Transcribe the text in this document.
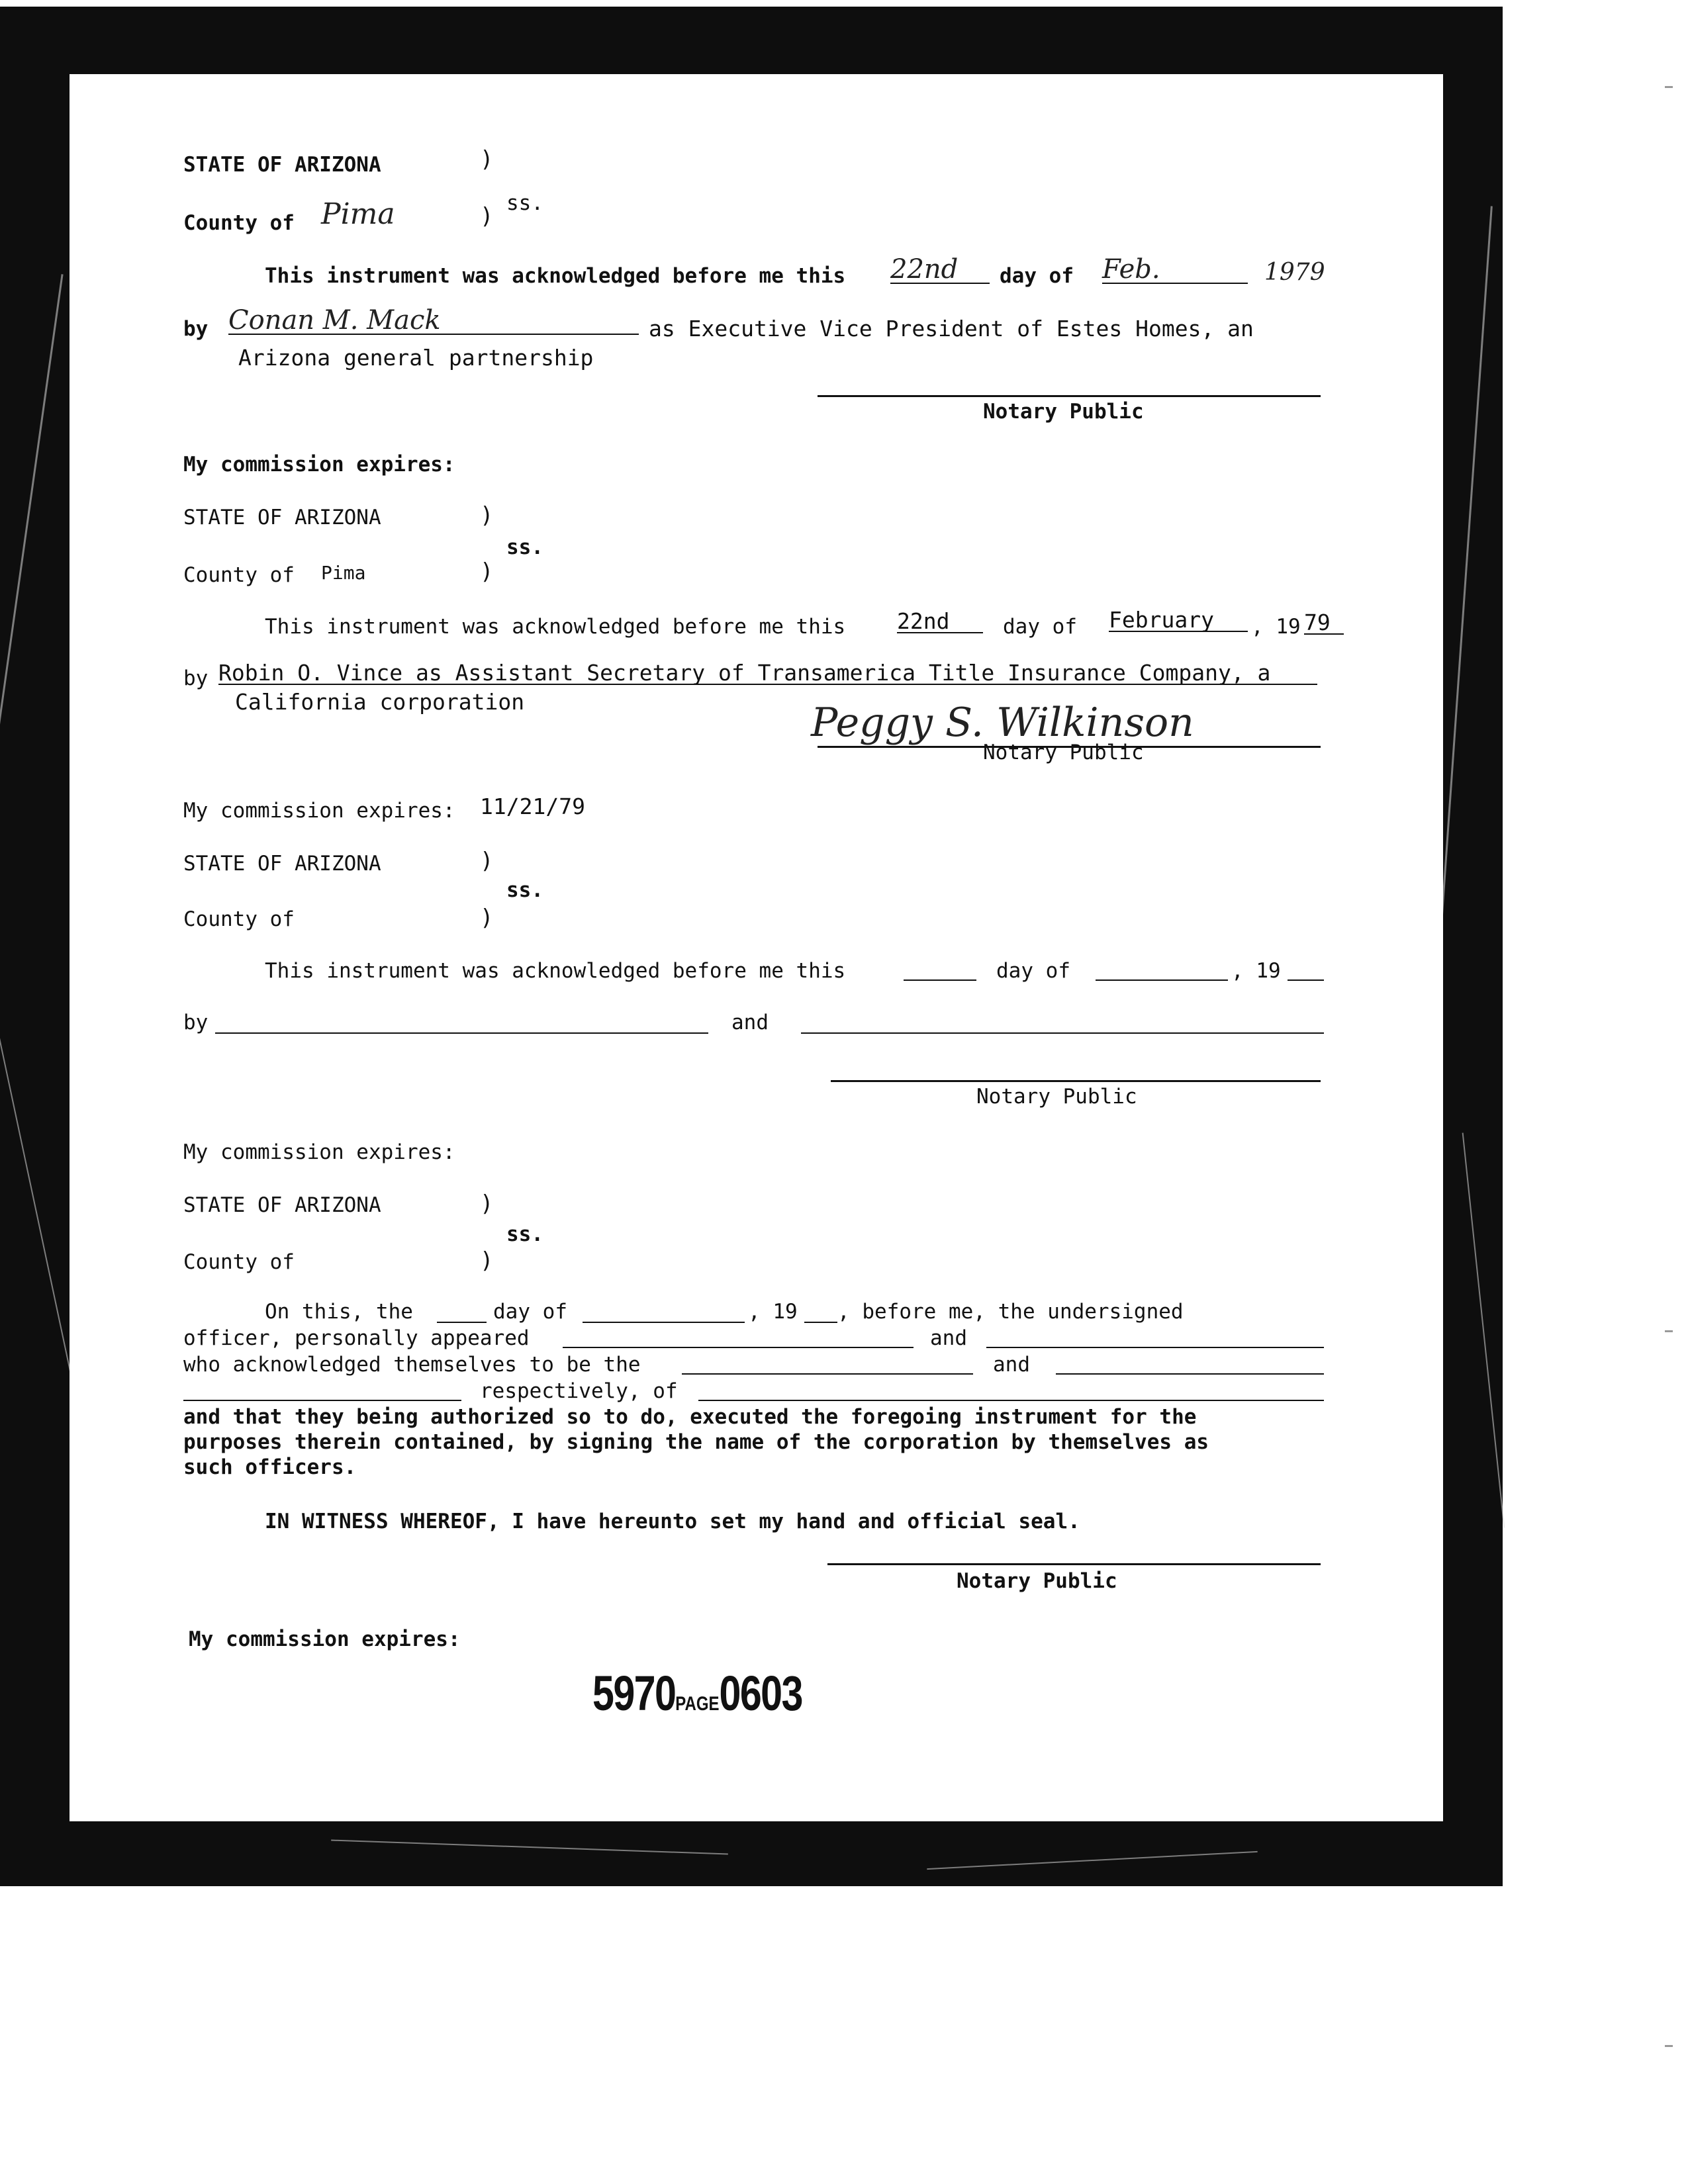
STATE OF ARIZONA	)
) ss.
County of Pima
This instrument was acknowledged before me this 22nd	day of Feb.	1979
by Conan M. Mack	as Executive Vice President of Estes Homes, an
Arizona general partnership
Notary Public
My commission expires:
STATE OF ARIZONA	)
)
ss.
County of Pima
This instrument was acknowledged before me this 22nd	day of February	, 19 79
by Robin O. Vince as Assistant Secretary of Transamerica Title Insurance Company, a
California corporation	Peggy S. Wilkinson
Notary Public
My commission expires: 11/21/79
STATE OF ARIZONA	)
)
ss.
County of
This instrument was acknowledged before me this	day of	, 19
by	and
Notary Public
My commission expires:
STATE OF ARIZONA	)
)
ss.
County of
On this, the	day of	, 19 , before me, the undersigned
officer, personally appeared	and
who acknowledged themselves to be the	and
respectively, of
and that they being authorized so to do, executed the foregoing instrument for the
purposes therein contained, by signing the name of the corporation by themselves as
such officers.
IN WITNESS WHEREOF, I have hereunto set my hand and official seal.
Notary Public
My commission expires:
5970PAGE0603
